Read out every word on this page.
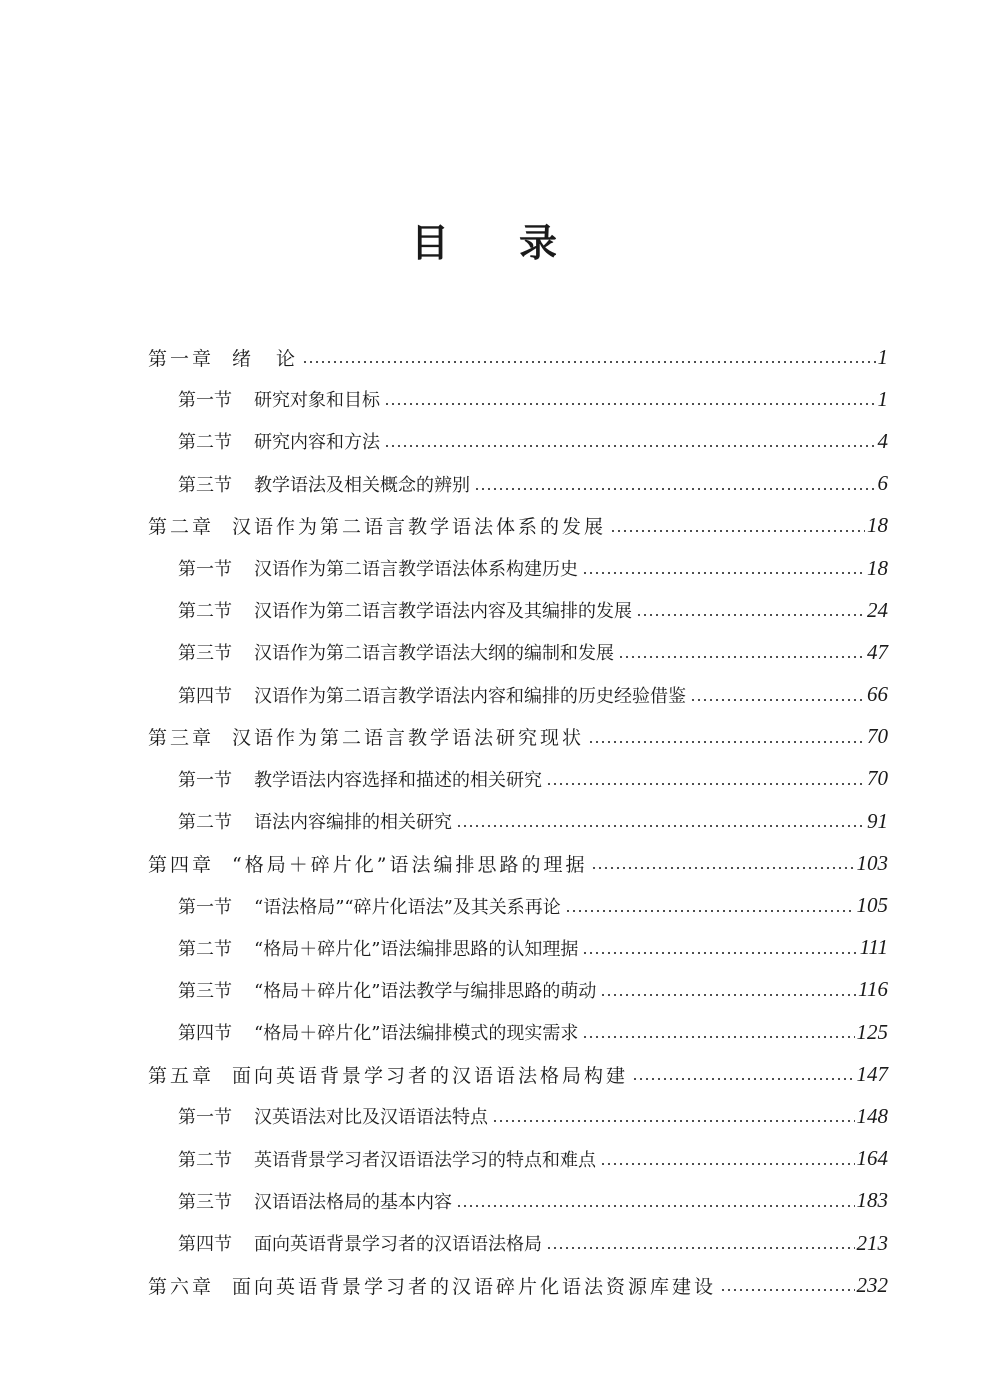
目录
第一章 绪　论	1
第一节 研究对象和目标	1
第二节 研究内容和方法	4
第三节 教学语法及相关概念的辨别	6
第二章 汉语作为第二语言教学语法体系的发展	18
第一节 汉语作为第二语言教学语法体系构建历史	18
第二节 汉语作为第二语言教学语法内容及其编排的发展	24
第三节 汉语作为第二语言教学语法大纲的编制和发展	47
第四节 汉语作为第二语言教学语法内容和编排的历史经验借鉴	66
第三章 汉语作为第二语言教学语法研究现状	70
第一节 教学语法内容选择和描述的相关研究	70
第二节 语法内容编排的相关研究	91
第四章 “格局＋碎片化”语法编排思路的理据	103
第一节 “语法格局”“碎片化语法”及其关系再论	105
第二节 “格局＋碎片化”语法编排思路的认知理据	111
第三节 “格局＋碎片化”语法教学与编排思路的萌动	116
第四节 “格局＋碎片化”语法编排模式的现实需求	125
第五章 面向英语背景学习者的汉语语法格局构建	147
第一节 汉英语法对比及汉语语法特点	148
第二节 英语背景学习者汉语语法学习的特点和难点	164
第三节 汉语语法格局的基本内容	183
第四节 面向英语背景学习者的汉语语法格局	213
第六章 面向英语背景学习者的汉语碎片化语法资源库建设	232
